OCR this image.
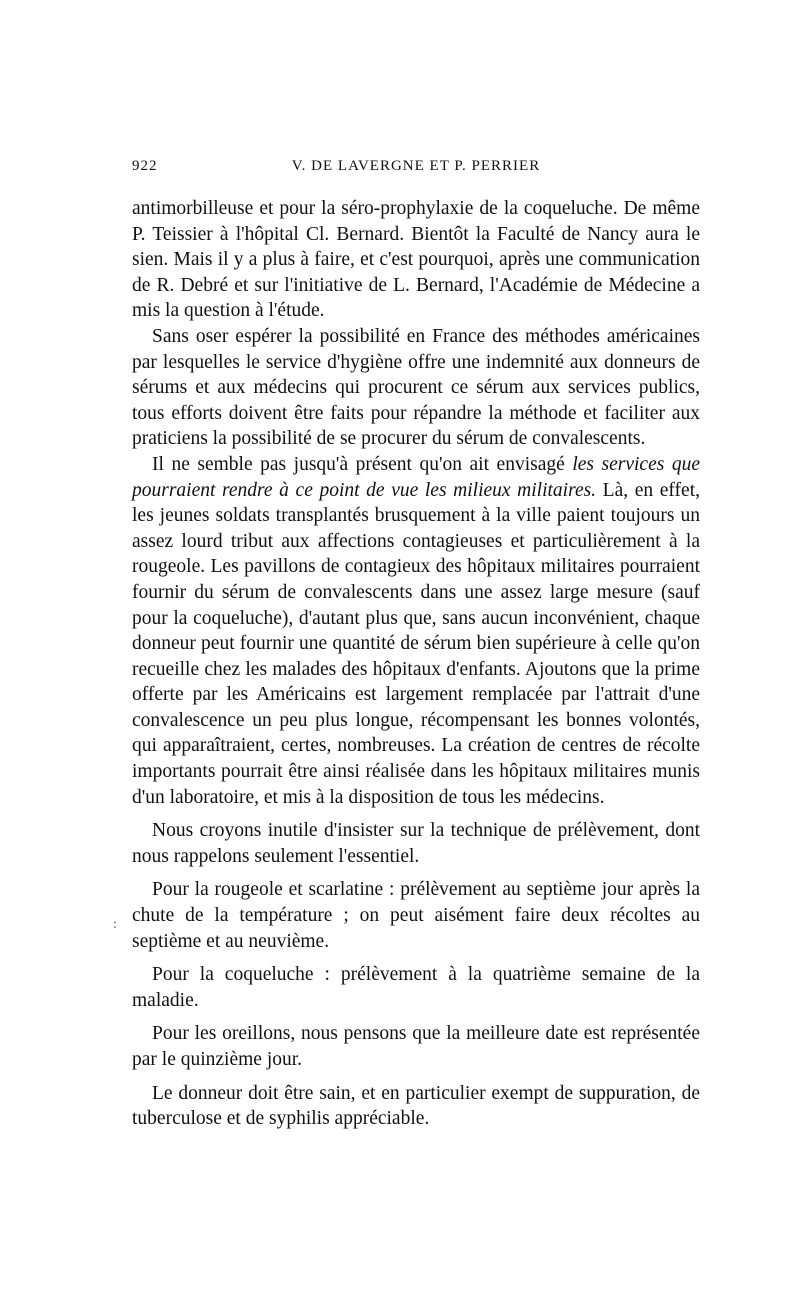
922	V. DE LAVERGNE ET P. PERRIER

antimorbilleuse et pour la séro-prophylaxie de la coqueluche. De même P. Teissier à l'hôpital Cl. Bernard. Bientôt la Faculté de Nancy aura le sien. Mais il y a plus à faire, et c'est pourquoi, après une communication de R. Debré et sur l'initiative de L. Bernard, l'Académie de Médecine a mis la question à l'étude.

Sans oser espérer la possibilité en France des méthodes américaines par lesquelles le service d'hygiène offre une indemnité aux donneurs de sérums et aux médecins qui procurent ce sérum aux services publics, tous efforts doivent être faits pour répandre la méthode et faciliter aux praticiens la possibilité de se procurer du sérum de convalescents.

Il ne semble pas jusqu'à présent qu'on ait envisagé les services que pourraient rendre à ce point de vue les milieux militaires. Là, en effet, les jeunes soldats transplantés brusquement à la ville paient toujours un assez lourd tribut aux affections contagieuses et particulièrement à la rougeole. Les pavillons de contagieux des hôpitaux militaires pourraient fournir du sérum de convalescents dans une assez large mesure (sauf pour la coqueluche), d'autant plus que, sans aucun inconvénient, chaque donneur peut fournir une quantité de sérum bien supérieure à celle qu'on recueille chez les malades des hôpitaux d'enfants. Ajoutons que la prime offerte par les Américains est largement remplacée par l'attrait d'une convalescence un peu plus longue, récompensant les bonnes volontés, qui apparaîtraient, certes, nombreuses. La création de centres de récolte importants pourrait être ainsi réalisée dans les hôpitaux militaires munis d'un laboratoire, et mis à la disposition de tous les médecins.

Nous croyons inutile d'insister sur la technique de prélèvement, dont nous rappelons seulement l'essentiel.

Pour la rougeole et scarlatine : prélèvement au septième jour après la chute de la température ; on peut aisément faire deux récoltes au septième et au neuvième.

Pour la coqueluche : prélèvement à la quatrième semaine de la maladie.

Pour les oreillons, nous pensons que la meilleure date est représentée par le quinzième jour.

Le donneur doit être sain, et en particulier exempt de suppuration, de tuberculose et de syphilis appréciable.

:
